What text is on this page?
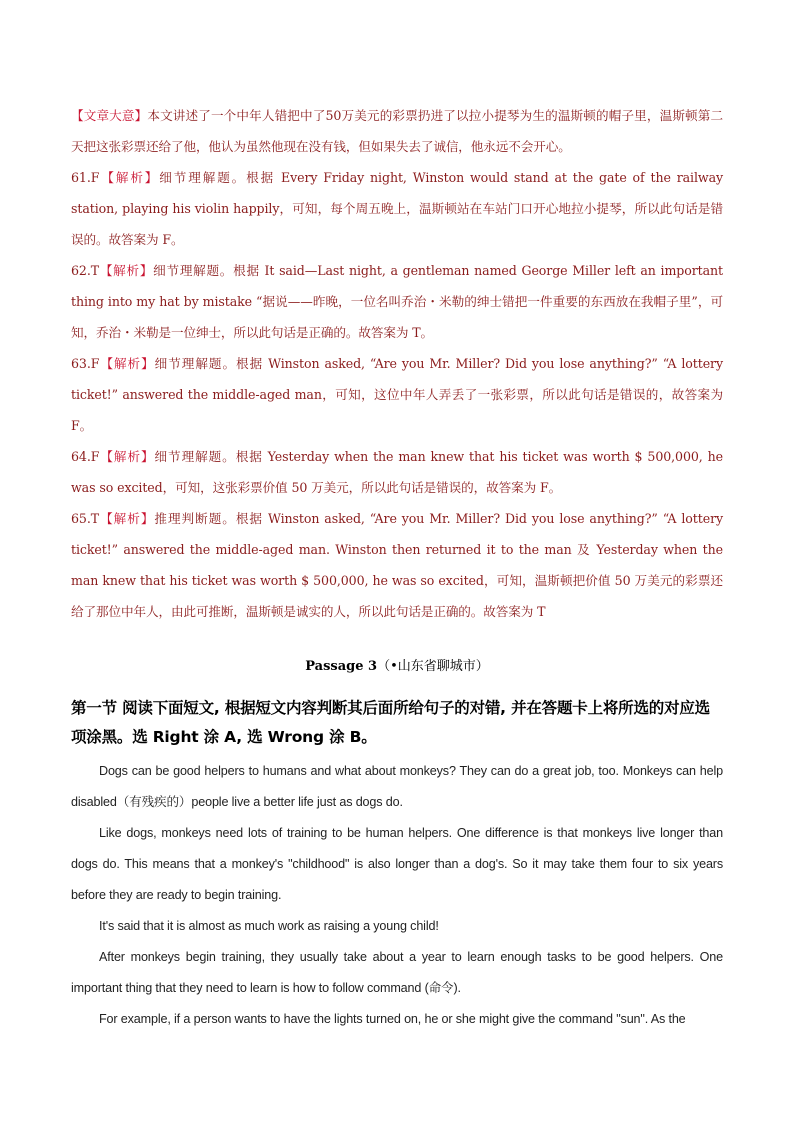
【文章大意】本文讲述了一个中年人错把中了50万美元的彩票扔进了以拉小提琴为生的温斯顿的帽子里，温斯顿第二天把这张彩票还给了他，他认为虽然他现在没有钱，但如果失去了诚信，他永远不会开心。

61.F【解析】细节理解题。根据 Every Friday night, Winston would stand at the gate of the railway station, playing his violin happily，可知，每个周五晚上，温斯顿站在车站门口开心地拉小提琴，所以此句话是错误的。故答案为 F。

62.T【解析】细节理解题。根据 It said—Last night, a gentleman named George Miller left an important thing into my hat by mistake “据说——昨晚，一位名叫乔治・米勒的绅士错把一件重要的东西放在我帽子里”，可知，乔治・米勒是一位绅士，所以此句话是正确的。故答案为 T。

63.F【解析】细节理解题。根据 Winston asked, “Are you Mr. Miller? Did you lose anything?” “A lottery ticket!” answered the middle-aged man，可知，这位中年人弄丢了一张彩票，所以此句话是错误的，故答案为 F。

64.F【解析】细节理解题。根据 Yesterday when the man knew that his ticket was worth $ 500,000, he was so excited，可知，这张彩票价值 50 万美元，所以此句话是错误的，故答案为 F。

65.T【解析】推理判断题。根据 Winston asked, “Are you Mr. Miller? Did you lose anything?” “A lottery ticket!” answered the middle-aged man. Winston then returned it to the man 及 Yesterday when the man knew that his ticket was worth $ 500,000, he was so excited，可知，温斯顿把价值 50 万美元的彩票还给了那位中年人，由此可推断，温斯顿是诚实的人，所以此句话是正确的。故答案为 T

Passage 3（•山东省聊城市）

第一节 阅读下面短文, 根据短文内容判断其后面所给句子的对错, 并在答题卡上将所选的对应选项涂黑。选 Right 涂 A, 选 Wrong 涂 B。

Dogs can be good helpers to humans and what about monkeys? They can do a great job, too. Monkeys can help disabled（有残疾的）people live a better life just as dogs do.

Like dogs, monkeys need lots of training to be human helpers. One difference is that monkeys live longer than dogs do. This means that a monkey's "childhood" is also longer than a dog's. So it may take them four to six years before they are ready to begin training.

It's said that it is almost as much work as raising a young child!

After monkeys begin training, they usually take about a year to learn enough tasks to be good helpers. One important thing that they need to learn is how to follow command (命令).

For example, if a person wants to have the lights turned on, he or she might give the command "sun". As the
